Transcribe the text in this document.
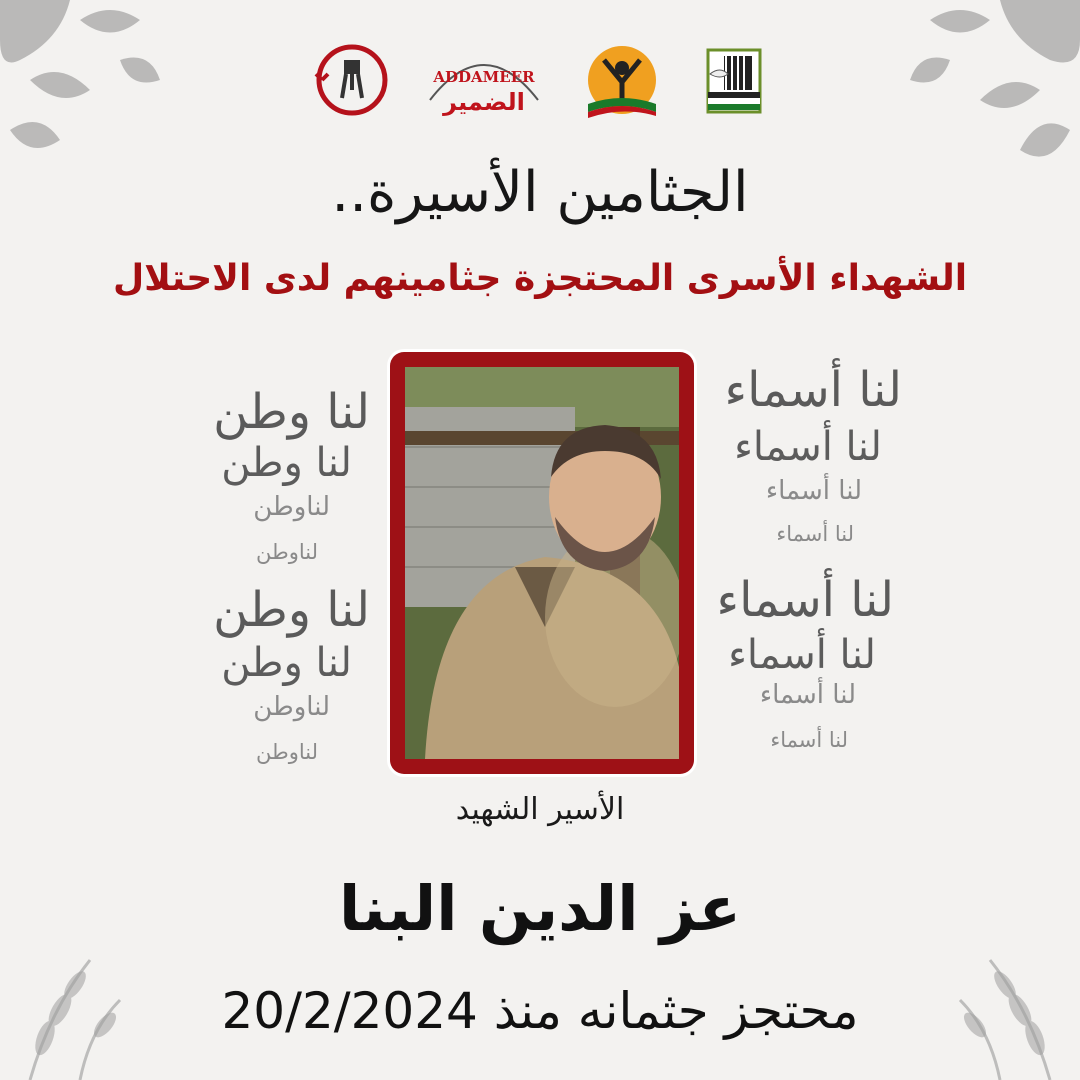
ADDAMEER
الضمير
الجثامين الأسيرة..
الشهداء الأسرى المحتجزة جثامينهم لدى الاحتلال
لنا وطن
لنا وطن
لناوطن
لناوطن
لنا وطن
لنا وطن
لناوطن
لناوطن
لنا أسماء
لنا أسماء
لنا أسماء
لنا أسماء
لنا أسماء
لنا أسماء
لنا أسماء
لنا أسماء
الأسير الشهيد
عز الدين البنا
محتجز جثمانه منذ 20/2/2024
